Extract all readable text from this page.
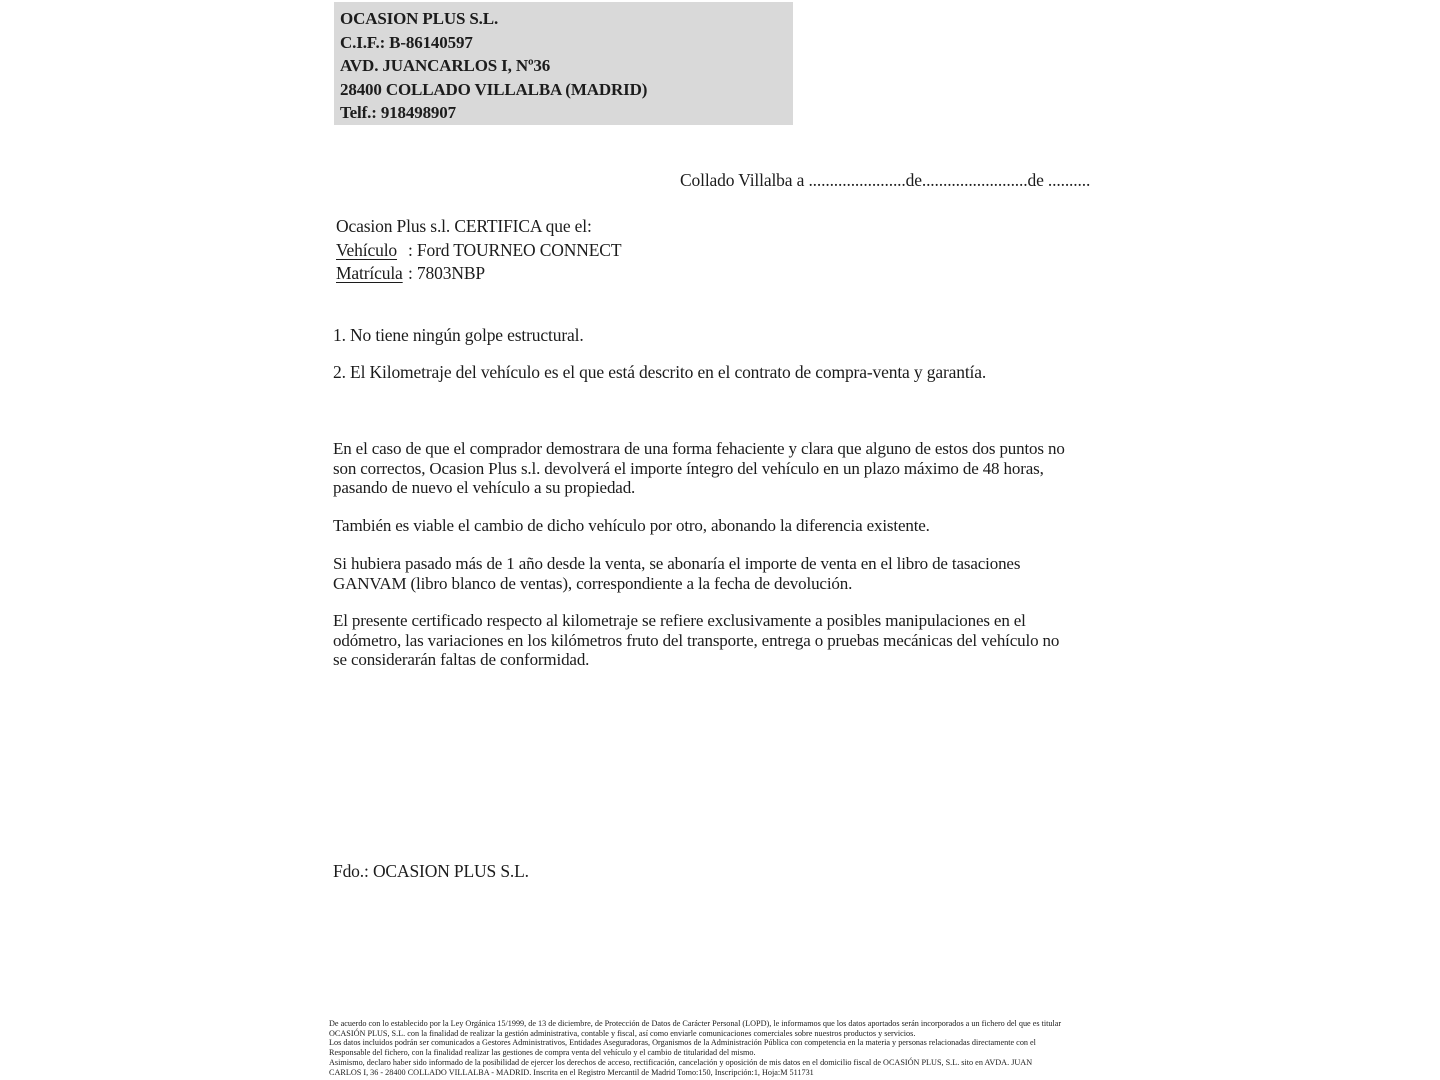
OCASION PLUS S.L.
C.I.F.: B-86140597
AVD. JUANCARLOS I, Nº36
28400 COLLADO VILLALBA (MADRID)
Telf.: 918498907
Collado Villalba a .......................de.........................de ..........
Ocasion Plus s.l. CERTIFICA que el:
Vehículo : Ford TOURNEO CONNECT
Matrícula : 7803NBP
1. No tiene ningún golpe estructural.
2. El Kilometraje del vehículo es el que está descrito en el contrato de compra-venta y garantía.
En el caso de que el comprador demostrara de una forma fehaciente y clara que alguno de estos dos puntos no
son correctos, Ocasion Plus s.l. devolverá el importe íntegro del vehículo en un plazo máximo de 48 horas,
pasando de nuevo el vehículo a su propiedad.
También es viable el cambio de dicho vehículo por otro, abonando la diferencia existente.
Si hubiera pasado más de 1 año desde la venta, se abonaría el importe de venta en el libro de tasaciones
GANVAM (libro blanco de ventas), correspondiente a la fecha de devolución.
El presente certificado respecto al kilometraje se refiere exclusivamente a posibles manipulaciones en el
odómetro, las variaciones en los kilómetros fruto del transporte, entrega o pruebas mecánicas del vehículo no
se considerarán faltas de conformidad.
Fdo.: OCASION PLUS S.L.
De acuerdo con lo establecido por la Ley Orgánica 15/1999, de 13 de diciembre, de Protección de Datos de Carácter Personal (LOPD), le informamos que los datos aportados serán incorporados a un fichero del que es titular
OCASIÓN PLUS, S.L. con la finalidad de realizar la gestión administrativa, contable y fiscal, así como enviarle comunicaciones comerciales sobre nuestros productos y servicios.
Los datos incluidos podrán ser comunicados a Gestores Administrativos, Entidades Aseguradoras, Organismos de la Administración Pública con competencia en la materia y personas relacionadas directamente con el
Responsable del fichero, con la finalidad realizar las gestiones de compra venta del vehículo y el cambio de titularidad del mismo.
Asimismo, declaro haber sido informado de la posibilidad de ejercer los derechos de acceso, rectificación, cancelación y oposición de mis datos en el domicilio fiscal de OCASIÓN PLUS, S.L. sito en AVDA. JUAN
CARLOS I, 36 - 28400 COLLADO VILLALBA - MADRID. Inscrita en el Registro Mercantil de Madrid Tomo:150, Inscripción:1, Hoja:M 511731
